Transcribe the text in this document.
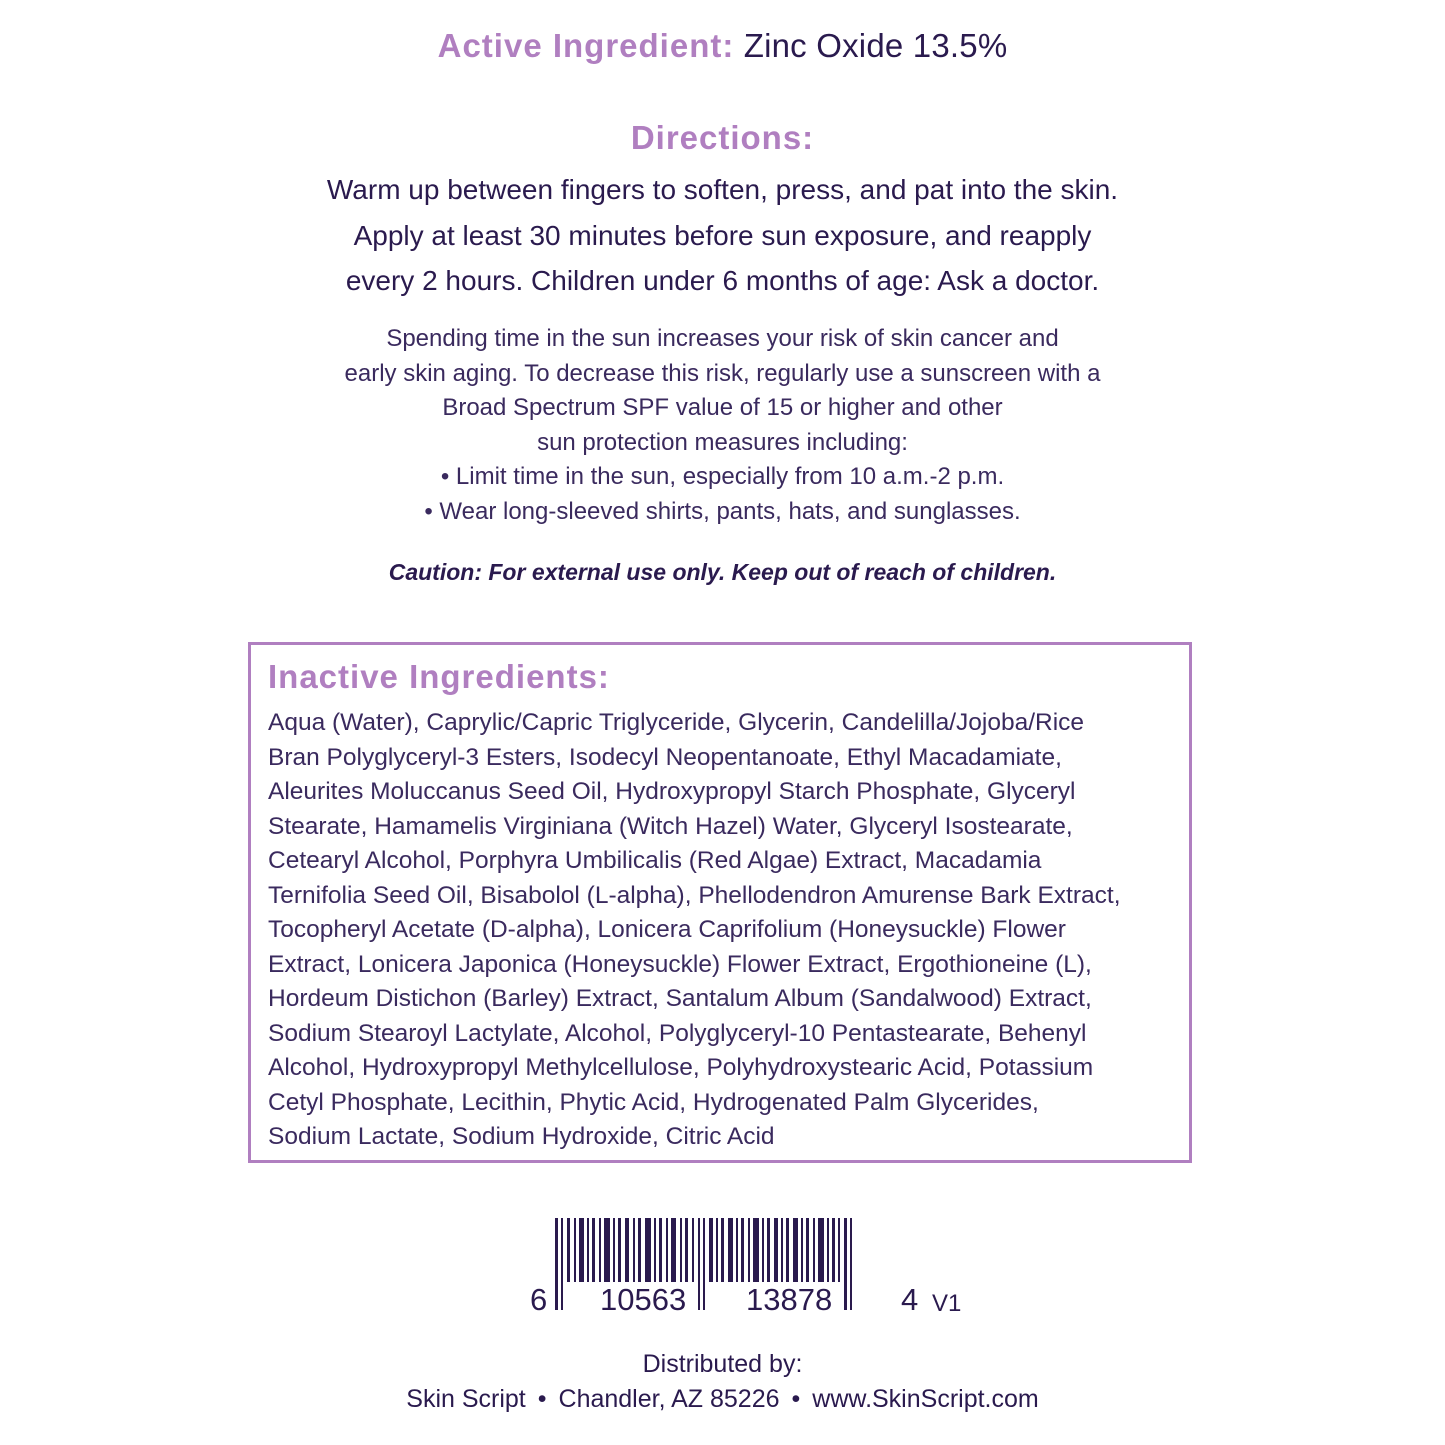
Active Ingredient: Zinc Oxide 13.5%
Directions:
Warm up between fingers to soften, press, and pat into the skin.
Apply at least 30 minutes before sun exposure, and reapply
every 2 hours. Children under 6 months of age: Ask a doctor.
Spending time in the sun increases your risk of skin cancer and
early skin aging. To decrease this risk, regularly use a sunscreen with a
Broad Spectrum SPF value of 15 or higher and other
sun protection measures including:
• Limit time in the sun, especially from 10 a.m.-2 p.m.
• Wear long-sleeved shirts, pants, hats, and sunglasses.
Caution: For external use only. Keep out of reach of children.
Inactive Ingredients:
Aqua (Water), Caprylic/Capric Triglyceride, Glycerin, Candelilla/Jojoba/Rice
Bran Polyglyceryl-3 Esters, Isodecyl Neopentanoate, Ethyl Macadamiate,
Aleurites Moluccanus Seed Oil, Hydroxypropyl Starch Phosphate, Glyceryl
Stearate, Hamamelis Virginiana (Witch Hazel) Water, Glyceryl Isostearate,
Cetearyl Alcohol, Porphyra Umbilicalis (Red Algae) Extract, Macadamia
Ternifolia Seed Oil, Bisabolol (L-alpha), Phellodendron Amurense Bark Extract,
Tocopheryl Acetate (D-alpha), Lonicera Caprifolium (Honeysuckle) Flower
Extract, Lonicera Japonica (Honeysuckle) Flower Extract, Ergothioneine (L),
Hordeum Distichon (Barley) Extract, Santalum Album (Sandalwood) Extract,
Sodium Stearoyl Lactylate, Alcohol, Polyglyceryl-10 Pentastearate, Behenyl
Alcohol, Hydroxypropyl Methylcellulose, Polyhydroxystearic Acid, Potassium
Cetyl Phosphate, Lecithin, Phytic Acid, Hydrogenated Palm Glycerides,
Sodium Lactate, Sodium Hydroxide, Citric Acid
6 10563 13878 4 V1
Distributed by:
Skin Script • Chandler, AZ 85226 • www.SkinScript.com
